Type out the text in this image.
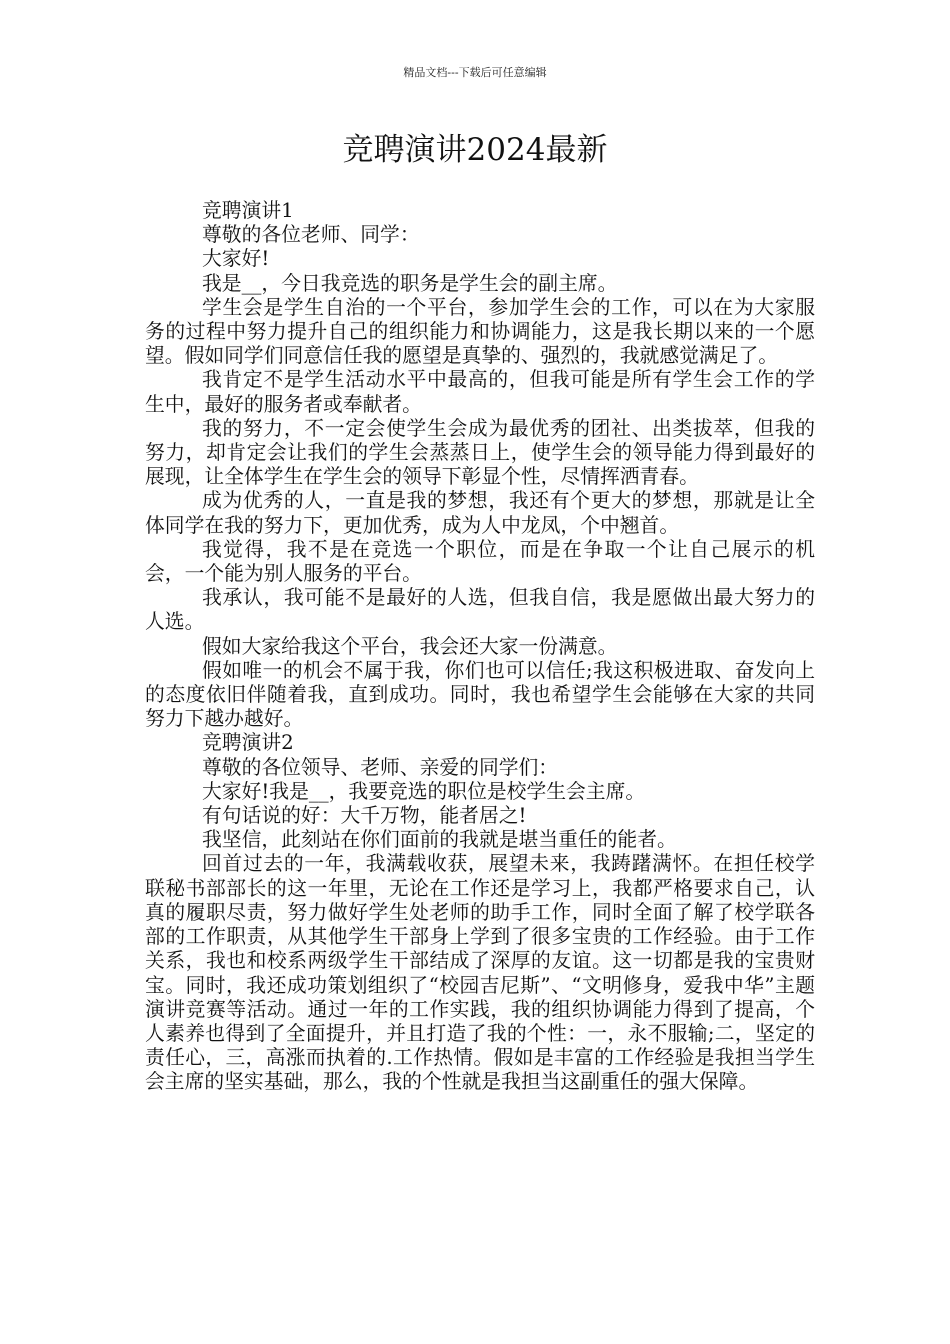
精品文档---下载后可任意编辑
竞聘演讲2024最新

竞聘演讲1

尊敬的各位老师、同学：

大家好!

我是__，今日我竞选的职务是学生会的副主席。

学生会是学生自治的一个平台，参加学生会的工作，可以在为大家服务的过程中努力提升自己的组织能力和协调能力，这是我长期以来的一个愿望。假如同学们同意信任我的愿望是真挚的、强烈的，我就感觉满足了。

我肯定不是学生活动水平中最高的，但我可能是所有学生会工作的学生中，最好的服务者或奉献者。

我的努力，不一定会使学生会成为最优秀的团社、出类拔萃，但我的努力，却肯定会让我们的学生会蒸蒸日上，使学生会的领导能力得到最好的展现，让全体学生在学生会的领导下彰显个性，尽情挥洒青春。

成为优秀的人，一直是我的梦想，我还有个更大的梦想，那就是让全体同学在我的努力下，更加优秀，成为人中龙凤，个中翘首。

我觉得，我不是在竞选一个职位，而是在争取一个让自己展示的机会，一个能为别人服务的平台。

我承认，我可能不是最好的人选，但我自信，我是愿做出最大努力的人选。

假如大家给我这个平台，我会还大家一份满意。

假如唯一的机会不属于我，你们也可以信任;我这积极进取、奋发向上的态度依旧伴随着我，直到成功。同时，我也希望学生会能够在大家的共同努力下越办越好。

竞聘演讲2

尊敬的各位领导、老师、亲爱的同学们：

大家好!我是__，我要竞选的职位是校学生会主席。

有句话说的好：大千万物，能者居之!

我坚信，此刻站在你们面前的我就是堪当重任的能者。

回首过去的一年，我满载收获，展望未来，我踌躇满怀。在担任校学联秘书部部长的这一年里，无论在工作还是学习上，我都严格要求自己，认真的履职尽责，努力做好学生处老师的助手工作，同时全面了解了校学联各部的工作职责，从其他学生干部身上学到了很多宝贵的工作经验。由于工作关系，我也和校系两级学生干部结成了深厚的友谊。这一切都是我的宝贵财宝。同时，我还成功策划组织了“校园吉尼斯”、“文明修身，爱我中华”主题演讲竞赛等活动。通过一年的工作实践，我的组织协调能力得到了提高，个人素养也得到了全面提升，并且打造了我的个性：一，永不服输;二，坚定的责任心，三，高涨而执着的.工作热情。假如是丰富的工作经验是我担当学生会主席的坚实基础，那么，我的个性就是我担当这副重任的强大保障。
